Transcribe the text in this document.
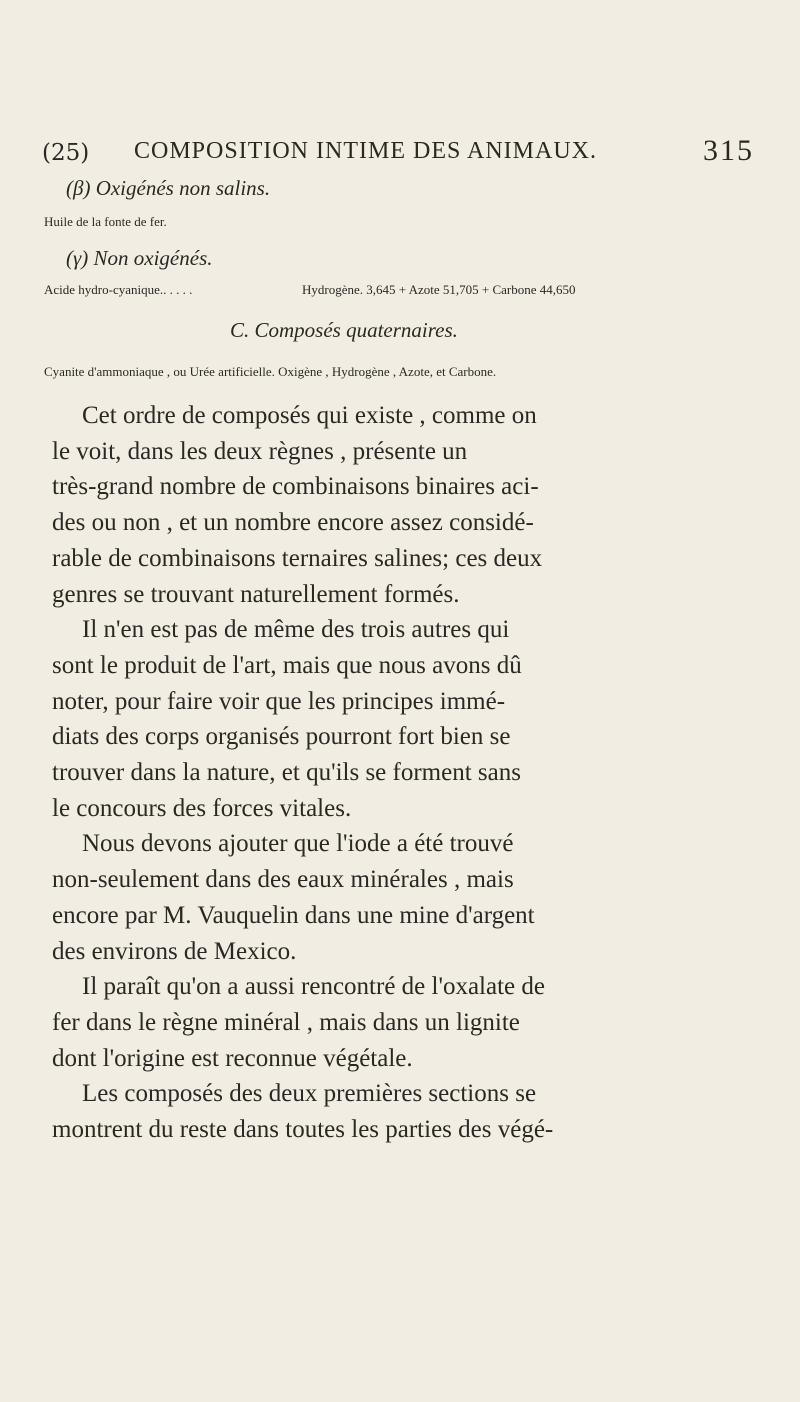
(25) COMPOSITION INTIME DES ANIMAUX.	315
(β) Oxigénés non salins.
Huile de la fonte de fer.
(γ) Non oxigénés.
Acide hydro-cyanique.. . . . .	Hydrogène. 3,645 + Azote 51,705 + Carbone 44,650
C. Composés quaternaires.
Cyanite d'ammoniaque , ou Urée artificielle. Oxigène , Hydrogène , Azote, et Carbone.
Cet ordre de composés qui existe , comme on
le voit, dans les deux règnes , présente un
très-grand nombre de combinaisons binaires aci-
des ou non , et un nombre encore assez considé-
rable de combinaisons ternaires salines; ces deux
genres se trouvant naturellement formés.
Il n'en est pas de même des trois autres qui
sont le produit de l'art, mais que nous avons dû
noter, pour faire voir que les principes immé-
diats des corps organisés pourront fort bien se
trouver dans la nature, et qu'ils se forment sans
le concours des forces vitales.
Nous devons ajouter que l'iode a été trouvé
non-seulement dans des eaux minérales , mais
encore par M. Vauquelin dans une mine d'argent
des environs de Mexico.
Il paraît qu'on a aussi rencontré de l'oxalate de
fer dans le règne minéral , mais dans un lignite
dont l'origine est reconnue végétale.
Les composés des deux premières sections se
montrent du reste dans toutes les parties des végé-
